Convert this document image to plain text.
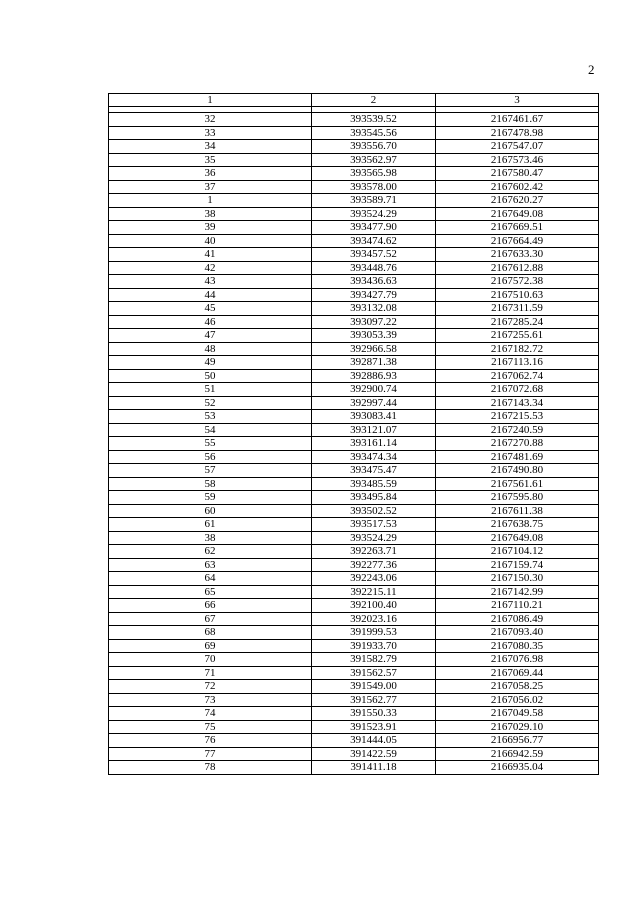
2
1	2	3

32	393539.52	2167461.67
33	393545.56	2167478.98
34	393556.70	2167547.07
35	393562.97	2167573.46
36	393565.98	2167580.47
37	393578.00	2167602.42
1	393589.71	2167620.27
38	393524.29	2167649.08
39	393477.90	2167669.51
40	393474.62	2167664.49
41	393457.52	2167633.30
42	393448.76	2167612.88
43	393436.63	2167572.38
44	393427.79	2167510.63
45	393132.08	2167311.59
46	393097.22	2167285.24
47	393053.39	2167255.61
48	392966.58	2167182.72
49	392871.38	2167113.16
50	392886.93	2167062.74
51	392900.74	2167072.68
52	392997.44	2167143.34
53	393083.41	2167215.53
54	393121.07	2167240.59
55	393161.14	2167270.88
56	393474.34	2167481.69
57	393475.47	2167490.80
58	393485.59	2167561.61
59	393495.84	2167595.80
60	393502.52	2167611.38
61	393517.53	2167638.75
38	393524.29	2167649.08
62	392263.71	2167104.12
63	392277.36	2167159.74
64	392243.06	2167150.30
65	392215.11	2167142.99
66	392100.40	2167110.21
67	392023.16	2167086.49
68	391999.53	2167093.40
69	391933.70	2167080.35
70	391582.79	2167076.98
71	391562.57	2167069.44
72	391549.00	2167058.25
73	391562.77	2167056.02
74	391550.33	2167049.58
75	391523.91	2167029.10
76	391444.05	2166956.77
77	391422.59	2166942.59
78	391411.18	2166935.04
